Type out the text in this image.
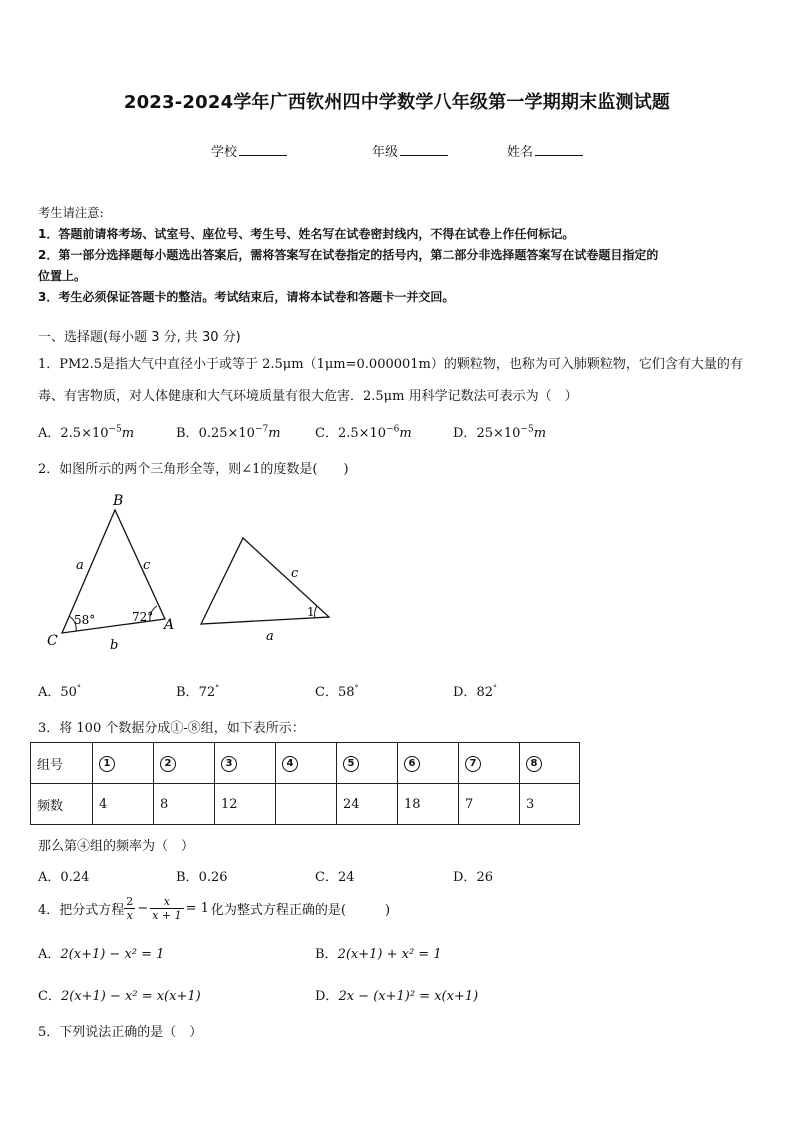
2023-2024学年广西钦州四中学数学八年级第一学期期末监测试题
学校	年级	姓名
考生请注意:
1．答题前请将考场、试室号、座位号、考生号、姓名写在试卷密封线内，不得在试卷上作任何标记。
2．第一部分选择题每小题选出答案后，需将答案写在试卷指定的括号内，第二部分非选择题答案写在试卷题目指定的
位置上。
3．考生必须保证答题卡的整洁。考试结束后，请将本试卷和答题卡一并交回。
一、选择题(每小题 3 分, 共 30 分)
1．PM2.5是指大气中直径小于或等于 2.5μm（1μm=0.000001m）的颗粒物，也称为可入肺颗粒物，它们含有大量的有
毒、有害物质，对人体健康和大气环境质量有很大危害．2.5μm 用科学记数法可表示为（　）
A．$2.5\times 10^{-5}m$	B．$0.25\times 10^{-7}m$	C．$2.5\times 10^{-6}m$	D．$25\times 10^{-5}m$
2．如图所示的两个三角形全等，则∠1的度数是(　　)
B
C
A
a	c
b
58°	72°
c
a
1
A．50°	B．72°	C．58°	D．82°
3．将 100 个数据分成①-⑧组，如下表所示：
组号	1	2	3	4	5	6	7	8
频数	4	8	12		24	18	7	3
那么第④组的频率为（　）
A．0.24	B．0.26	C．24	D．26
4．把分式方程 $\frac{2}{x} - \frac{x}{x + 1} = 1$ 化为整式方程正确的是(　　　)
A．2(x+1) − x² = 1	B．2(x+1) + x² = 1
C．2(x+1) − x² = x(x+1)	D．2x − (x+1)² = x(x+1)
5．下列说法正确的是（　）
